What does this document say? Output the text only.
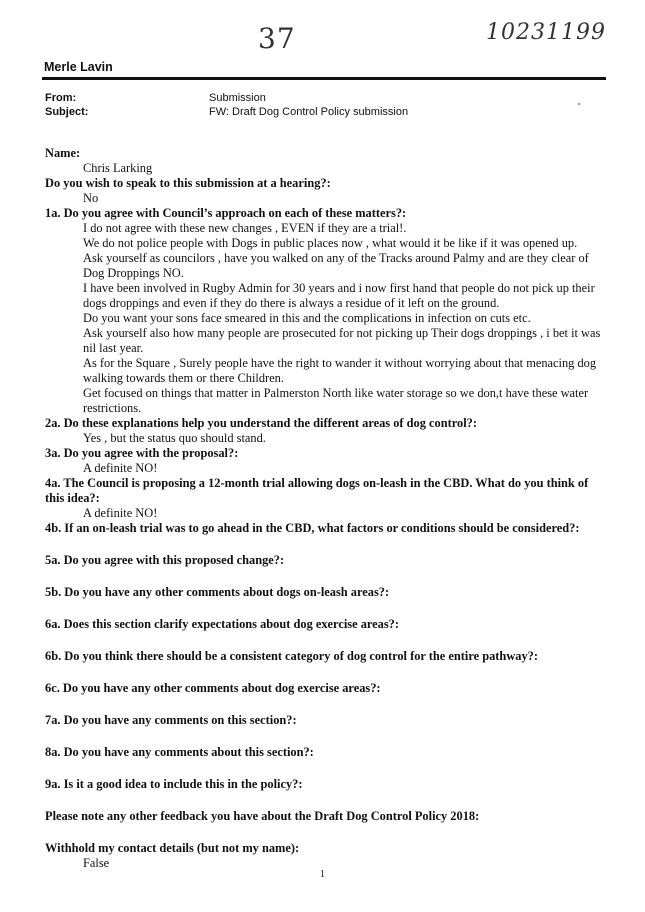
37	10231199
Merle Lavin
From:	Submission
Subject:	FW: Draft Dog Control Policy submission
Name:
Chris Larking
Do you wish to speak to this submission at a hearing?:
No
1a. Do you agree with Council’s approach on each of these matters?:
I do not agree with these new changes , EVEN if they are a trial!.
We do not police people with Dogs in public places now , what would it be like if it was opened up.
Ask yourself as councilors , have you walked on any of the Tracks around Palmy and are they clear of Dog Droppings NO.
I have been involved in Rugby Admin for 30 years and i now first hand that people do not pick up their dogs droppings and even if they do there is always a residue of it left on the ground.
Do you want your sons face smeared in this and the complications in infection on cuts etc.
Ask yourself also how many people are prosecuted for not picking up Their dogs droppings , i bet it was nil last year.
As for the Square , Surely people have the right to wander it without worrying about that menacing dog walking towards them or there Children.
Get focused on things that matter in Palmerston North like water storage so we don,t have these water restrictions.
2a. Do these explanations help you understand the different areas of dog control?:
Yes , but the status quo should stand.
3a. Do you agree with the proposal?:
A definite NO!
4a. The Council is proposing a 12-month trial allowing dogs on-leash in the CBD. What do you think of this idea?:
A definite NO!
4b. If an on-leash trial was to go ahead in the CBD, what factors or conditions should be considered?:
5a. Do you agree with this proposed change?:
5b. Do you have any other comments about dogs on-leash areas?:
6a. Does this section clarify expectations about dog exercise areas?:
6b. Do you think there should be a consistent category of dog control for the entire pathway?:
6c. Do you have any other comments about dog exercise areas?:
7a. Do you have any comments on this section?:
8a. Do you have any comments about this section?:
9a. Is it a good idea to include this in the policy?:
Please note any other feedback you have about the Draft Dog Control Policy 2018:
Withhold my contact details (but not my name):
False
1
